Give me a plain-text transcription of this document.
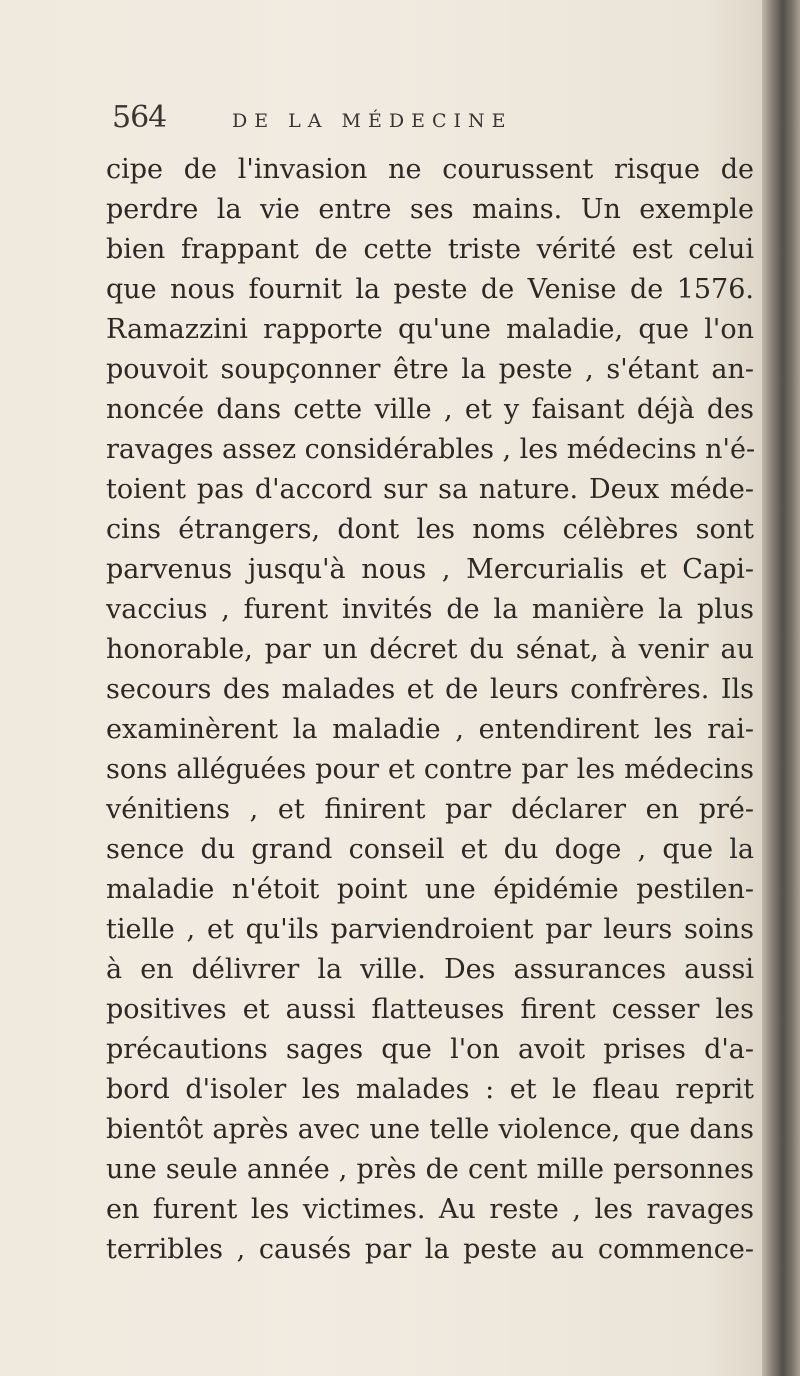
564	DE LA MÉDECINE
cipe de l'invasion ne courussent risque de
perdre la vie entre ses mains. Un exemple
bien frappant de cette triste vérité est celui
que nous fournit la peste de Venise de 1576.
Ramazzini rapporte qu'une maladie, que l'on
pouvoit soupçonner être la peste , s'étant an-
noncée dans cette ville , et y faisant déjà des
ravages assez considérables , les médecins n'é-
toient pas d'accord sur sa nature. Deux méde-
cins étrangers, dont les noms célèbres sont
parvenus jusqu'à nous , Mercurialis et Capi-
vaccius , furent invités de la manière la plus
honorable, par un décret du sénat, à venir au
secours des malades et de leurs confrères. Ils
examinèrent la maladie , entendirent les rai-
sons alléguées pour et contre par les médecins
vénitiens , et finirent par déclarer en pré-
sence du grand conseil et du doge , que la
maladie n'étoit point une épidémie pestilen-
tielle , et qu'ils parviendroient par leurs soins
à en délivrer la ville. Des assurances aussi
positives et aussi flatteuses firent cesser les
précautions sages que l'on avoit prises d'a-
bord d'isoler les malades : et le fleau reprit
bientôt après avec une telle violence, que dans
une seule année , près de cent mille personnes
en furent les victimes. Au reste , les ravages
terribles , causés par la peste au commence-
